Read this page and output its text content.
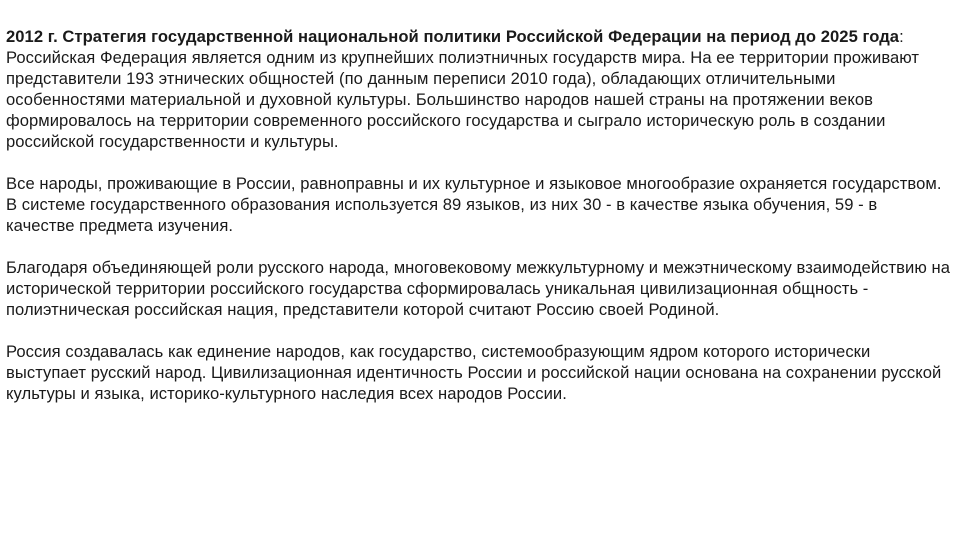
2012 г. Стратегия государственной национальной политики Российской Федерации на период до 2025 года:

Российская Федерация является одним из крупнейших полиэтничных государств мира. На ее территории проживают представители 193 этнических общностей (по данным переписи 2010 года), обладающих отличительными особенностями материальной и духовной культуры. Большинство народов нашей страны на протяжении веков формировалось на территории современного российского государства и сыграло историческую роль в создании российской государственности и культуры.

Все народы, проживающие в России, равноправны и их культурное и языковое многообразие охраняется государством. В системе государственного образования используется 89 языков, из них 30 - в качестве языка обучения, 59 - в качестве предмета изучения.

Благодаря объединяющей роли русского народа, многовековому межкультурному и межэтническому взаимодействию на исторической территории российского государства сформировалась уникальная цивилизационная общность - полиэтническая российская нация, представители которой считают Россию своей Родиной.

Россия создавалась как единение народов, как государство, системообразующим ядром которого исторически выступает русский народ. Цивилизационная идентичность России и российской нации основана на сохранении русской культуры и языка, историко-культурного наследия всех народов России.
